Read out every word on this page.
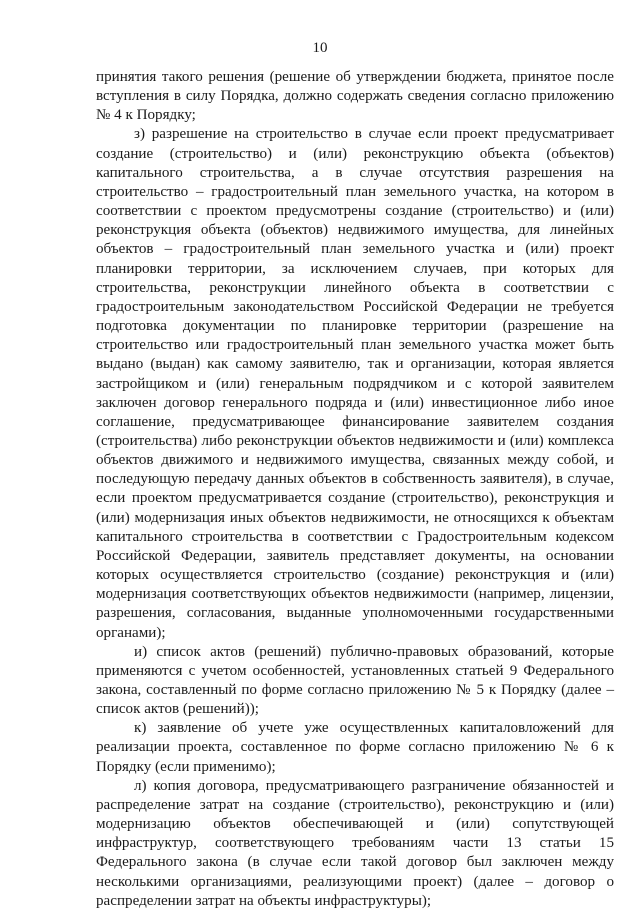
10

принятия такого решения (решение об утверждении бюджета, принятое после вступления в силу Порядка, должно содержать сведения согласно приложению № 4 к Порядку;

з) разрешение на строительство в случае если проект предусматривает создание (строительство) и (или) реконструкцию объекта (объектов) капитального строительства, а в случае отсутствия разрешения на строительство – градостроительный план земельного участка, на котором в соответствии с проектом предусмотрены создание (строительство) и (или) реконструкция объекта (объектов) недвижимого имущества, для линейных объектов – градостроительный план земельного участка и (или) проект планировки территории, за исключением случаев, при которых для строительства, реконструкции линейного объекта в соответствии с градостроительным законодательством Российской Федерации не требуется подготовка документации по планировке территории (разрешение на строительство или градостроительный план земельного участка может быть выдано (выдан) как самому заявителю, так и организации, которая является застройщиком и (или) генеральным подрядчиком и с которой заявителем заключен договор генерального подряда и (или) инвестиционное либо иное соглашение, предусматривающее финансирование заявителем создания (строительства) либо реконструкции объектов недвижимости и (или) комплекса объектов движимого и недвижимого имущества, связанных между собой, и последующую передачу данных объектов в собственность заявителя), в случае, если проектом предусматривается создание (строительство), реконструкция и (или) модернизация иных объектов недвижимости, не относящихся к объектам капитального строительства в соответствии с Градостроительным кодексом Российской Федерации, заявитель представляет документы, на основании которых осуществляется строительство (создание) реконструкция и (или) модернизация соответствующих объектов недвижимости (например, лицензии, разрешения, согласования, выданные уполномоченными государственными органами);

и) список актов (решений) публично-правовых образований, которые применяются с учетом особенностей, установленных статьей 9 Федерального закона, составленный по форме согласно приложению № 5 к Порядку (далее – список актов (решений));

к) заявление об учете уже осуществленных капиталовложений для реализации проекта, составленное по форме согласно приложению № 6 к Порядку (если применимо);

л) копия договора, предусматривающего разграничение обязанностей и распределение затрат на создание (строительство), реконструкцию и (или) модернизацию объектов обеспечивающей и (или) сопутствующей инфраструктур, соответствующего требованиям части 13 статьи 15 Федерального закона (в случае если такой договор был заключен между несколькими организациями, реализующими проект) (далее – договор о распределении затрат на объекты инфраструктуры);
